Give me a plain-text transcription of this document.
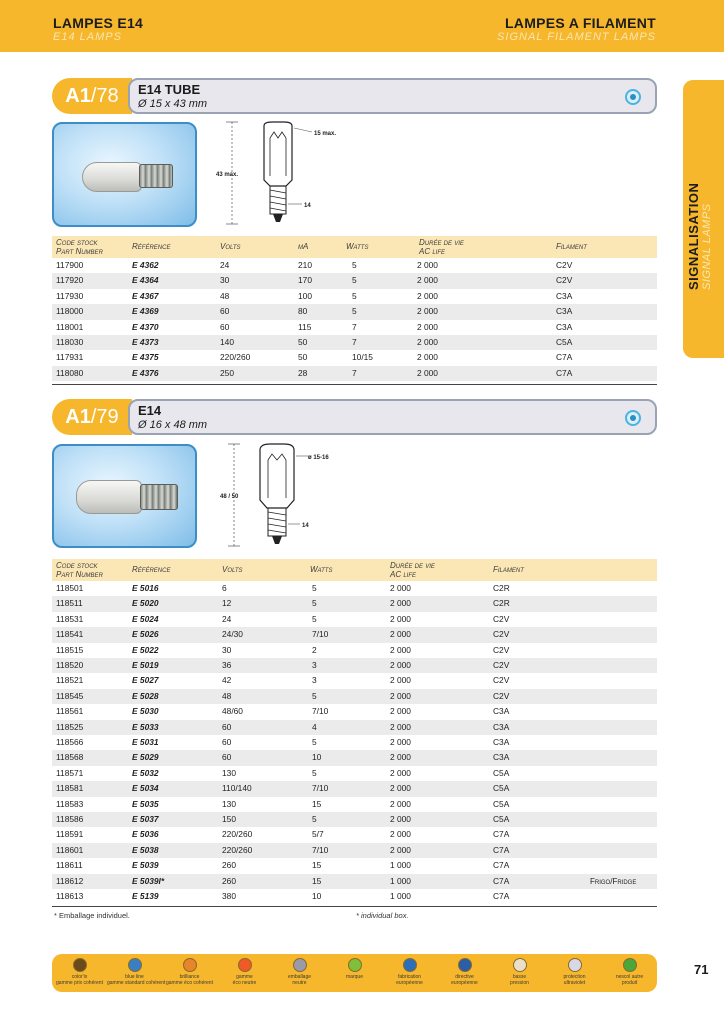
LAMPES E14
E14 LAMPS
LAMPES A FILAMENT
SIGNAL FILAMENT LAMPS
SIGNALISATION SIGNAL LAMPS
A1 /78 E14 TUBE
Ø 15 x 43 mm
15 max.
43 max.
14
Code stock
Part Number
Référence	Volts	mA	Watts	Durée de vie
AC life
Filament
117900	E 4362	24	210	5	2 000	C2V
117920	E 4364	30	170	5	2 000	C2V
117930	E 4367	48	100	5	2 000	C3A
118000	E 4369	60	80	5	2 000	C3A
118001	E 4370	60	115	7	2 000	C3A
118030	E 4373	140	50	7	2 000	C5A
117931	E 4375	220/260	50	10/15	2 000	C7A
118080	E 4376	250	28	7	2 000	C7A
A1 /79 E14
Ø 16 x 48 mm
ø 15-16
48 / 50
14
Code stock
Part Number
Référence	Volts	Watts	Durée de vie
AC life
Filament
118501	E 5016	6	5	2 000	C2R
118511	E 5020	12	5	2 000	C2R
118531	E 5024	24	5	2 000	C2V
118541	E 5026	24/30	7/10	2 000	C2V
118515	E 5022	30	2	2 000	C2V
118520	E 5019	36	3	2 000	C2V
118521	E 5027	42	3	2 000	C2V
118545	E 5028	48	5	2 000	C2V
118561	E 5030	48/60	7/10	2 000	C3A
118525	E 5033	60	4	2 000	C3A
118566	E 5031	60	5	2 000	C3A
118568	E 5029	60	10	2 000	C3A
118571	E 5032	130	5	2 000	C5A
118581	E 5034	110/140	7/10	2 000	C5A
118583	E 5035	130	15	2 000	C5A
118586	E 5037	150	5	2 000	C5A
118591	E 5036	220/260	5/7	2 000	C7A
118601	E 5038	220/260	7/10	2 000	C7A
118611	E 5039	260	15	1 000	C7A
118612	E 5039I*	260	15	1 000	C7A	Frigo/Fridge
118613	E 5139	380	10	1 000	C7A
* Emballage individuel.	* individual box.
color'ix
gamme prix cohérent
blue line
gamme standard cohérent
brilliance
gamme éco cohérent
gamme
éco neutre
emballage
neutre
marque	fabrication
européenne
directive
européenne
basse
pression
protection
ultraviolet
nescol autre
produit
71
